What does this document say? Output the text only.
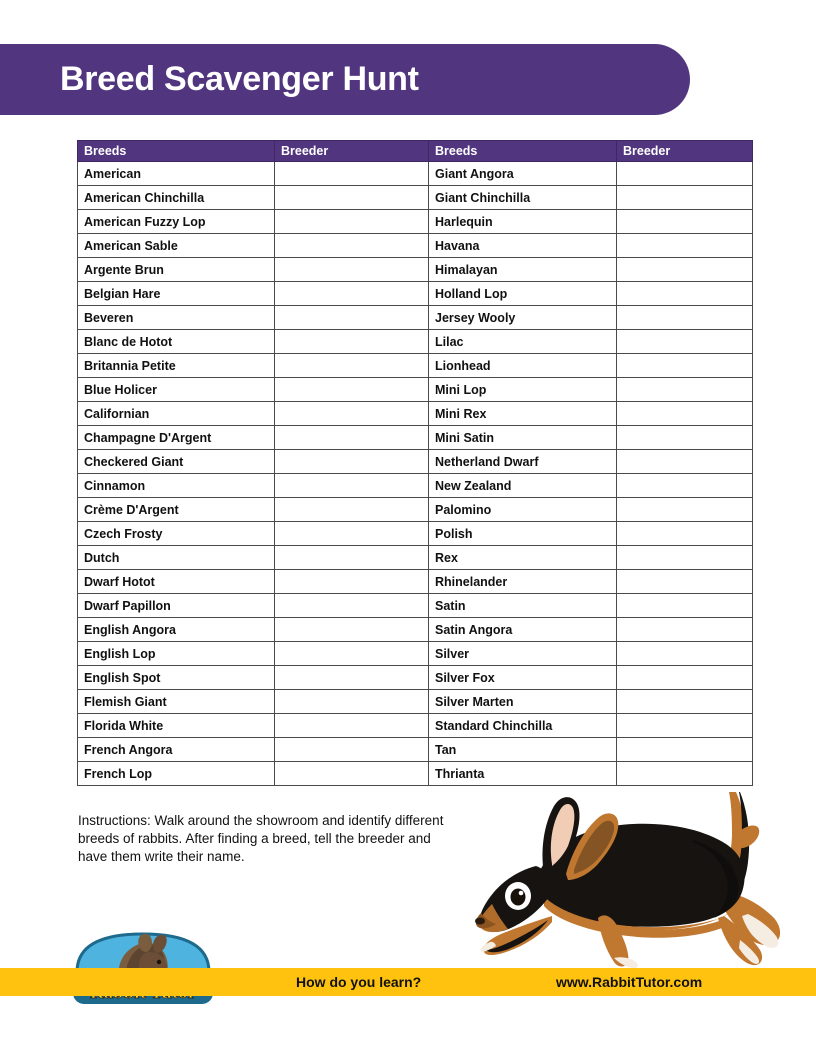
Breed Scavenger Hunt
Breeds	Breeder	Breeds	Breeder
American		Giant Angora	
American Chinchilla		Giant Chinchilla	
American Fuzzy Lop		Harlequin	
American Sable		Havana	
Argente Brun		Himalayan	
Belgian Hare		Holland Lop	
Beveren		Jersey Wooly	
Blanc de Hotot		Lilac	
Britannia Petite		Lionhead	
Blue Holicer		Mini Lop	
Californian		Mini Rex	
Champagne D'Argent		Mini Satin	
Checkered Giant		Netherland Dwarf	
Cinnamon		New Zealand	
Crème D'Argent		Palomino	
Czech Frosty		Polish	
Dutch		Rex	
Dwarf Hotot		Rhinelander	
Dwarf Papillon		Satin	
English Angora		Satin Angora	
English Lop		Silver	
English Spot		Silver Fox	
Flemish Giant		Silver Marten	
Florida White		Standard Chinchilla	
French Angora		Tan	
French Lop		Thrianta	
Instructions: Walk around the showroom and identify different breeds of rabbits. After finding a breed, tell the breeder and have them write their name.
How do you learn?	www.RabbitTutor.com
